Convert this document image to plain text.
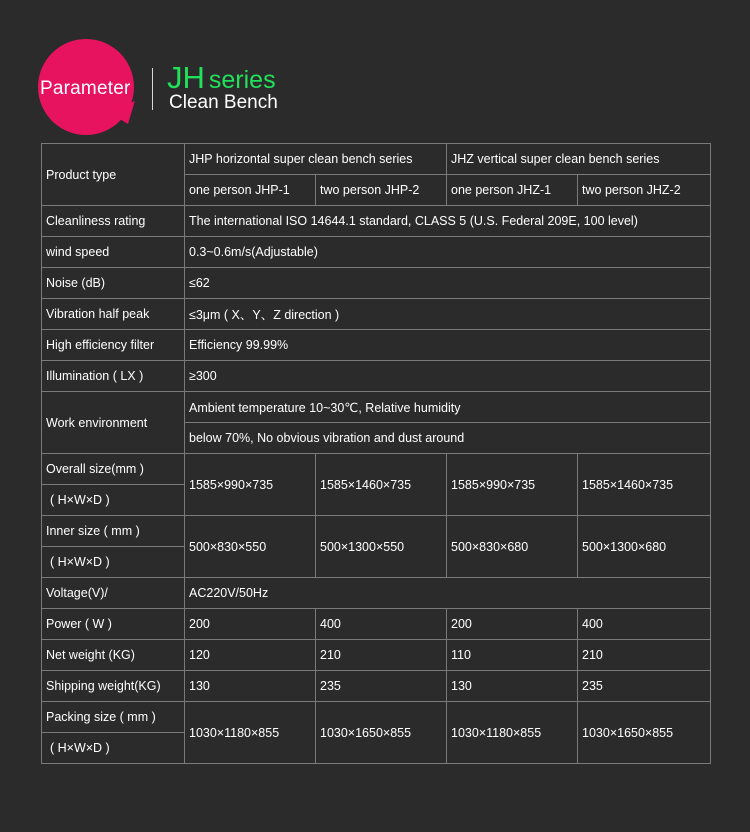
Parameter JH series
Clean Bench
Product type	JHP horizontal super clean bench series		JHZ vertical super clean bench series	
	one person JHP-1	two person JHP-2	one person JHZ-1	two person JHZ-2
Cleanliness rating	The international ISO 14644.1 standard, CLASS 5 (U.S. Federal 209E, 100 level)			
wind speed	0.3~0.6m/s(Adjustable)			
Noise (dB)	≤62			
Vibration half peak	≤3μm ( X、Y、Z direction )			
High efficiency filter	Efficiency 99.99%			
Illumination ( LX )	≥300			
Work environment	Ambient temperature 10~30℃, Relative humidity			
	below 70%, No obvious vibration and dust around			
Overall size(mm )	1585×990×735	1585×1460×735	1585×990×735	1585×1460×735
( H×W×D )				
Inner size ( mm )	500×830×550	500×1300×550	500×830×680	500×1300×680
( H×W×D )				
Voltage(V)/	AC220V/50Hz			
Power ( W )	200	400	200	400
Net weight (KG)	120	210	110	210
Shipping weight(KG)	130	235	130	235
Packing size ( mm )	1030×1180×855	1030×1650×855	1030×1180×855	1030×1650×855
( H×W×D )				
